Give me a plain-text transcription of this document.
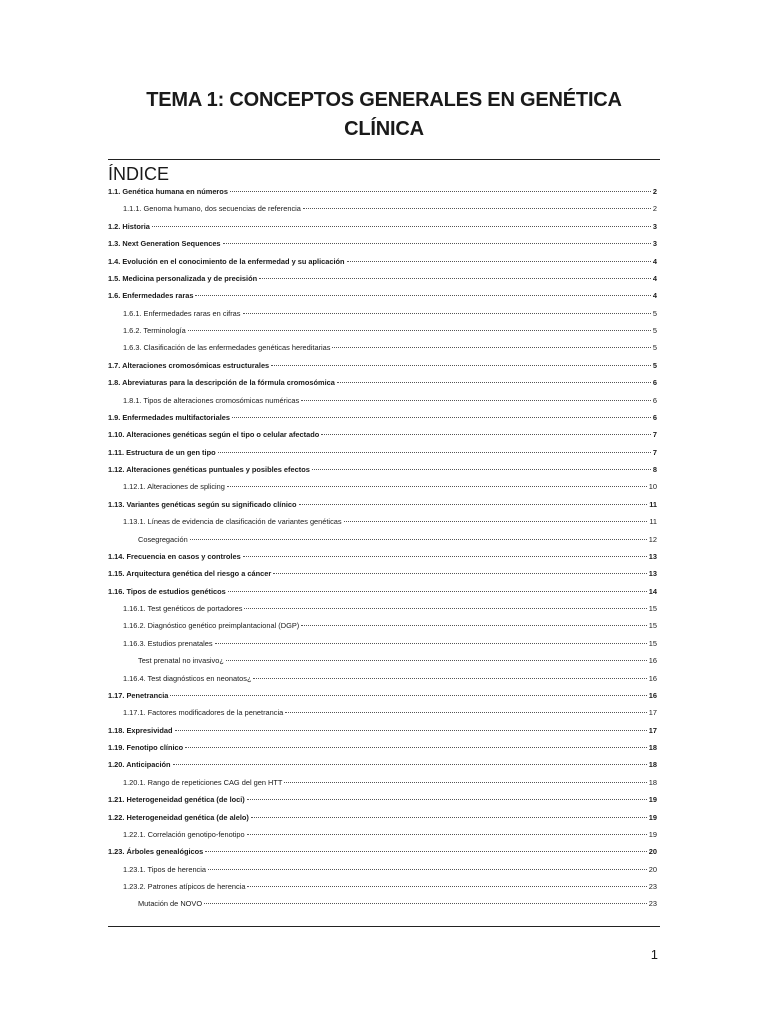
TEMA 1: CONCEPTOS GENERALES EN GENÉTICA CLÍNICA
ÍNDICE
1.1. Genética humana en números	2
1.1.1. Genoma humano, dos secuencias de referencia	2
1.2. Historia	3
1.3. Next Generation Sequences	3
1.4. Evolución en el conocimiento de la enfermedad y su aplicación	4
1.5. Medicina personalizada y de precisión	4
1.6. Enfermedades raras	4
1.6.1. Enfermedades raras en cifras	5
1.6.2. Terminología	5
1.6.3. Clasificación de las enfermedades genéticas hereditarias	5
1.7. Alteraciones cromosómicas estructurales	5
1.8. Abreviaturas para la descripción de la fórmula cromosómica	6
1.8.1. Tipos de alteraciones cromosómicas numéricas	6
1.9. Enfermedades multifactoriales	6
1.10. Alteraciones genéticas según el tipo o celular afectado	7
1.11. Estructura de un gen tipo	7
1.12. Alteraciones genéticas puntuales y posibles efectos	8
1.12.1. Alteraciones de splicing	10
1.13. Variantes genéticas según su significado clínico	11
1.13.1. Líneas de evidencia de clasificación de variantes genéticas	11
Cosegregación	12
1.14. Frecuencia en casos y controles	13
1.15. Arquitectura genética del riesgo a cáncer	13
1.16. Tipos de estudios genéticos	14
1.16.1. Test genéticos de portadores	15
1.16.2. Diagnóstico genético preimplantacional (DGP)	15
1.16.3. Estudios prenatales	15
Test prenatal no invasivo¿	16
1.16.4. Test diagnósticos en neonatos¿	16
1.17. Penetrancia	16
1.17.1. Factores modificadores de la penetrancia	17
1.18. Expresividad	17
1.19. Fenotipo clínico	18
1.20. Anticipación	18
1.20.1. Rango de repeticiones CAG del gen HTT	18
1.21. Heterogeneidad genética (de loci)	19
1.22. Heterogeneidad genética (de alelo)	19
1.22.1. Correlación genotipo-fenotipo	19
1.23. Árboles genealógicos	20
1.23.1. Tipos de herencia	20
1.23.2. Patrones atípicos de herencia	23
Mutación de NOVO	23
1
